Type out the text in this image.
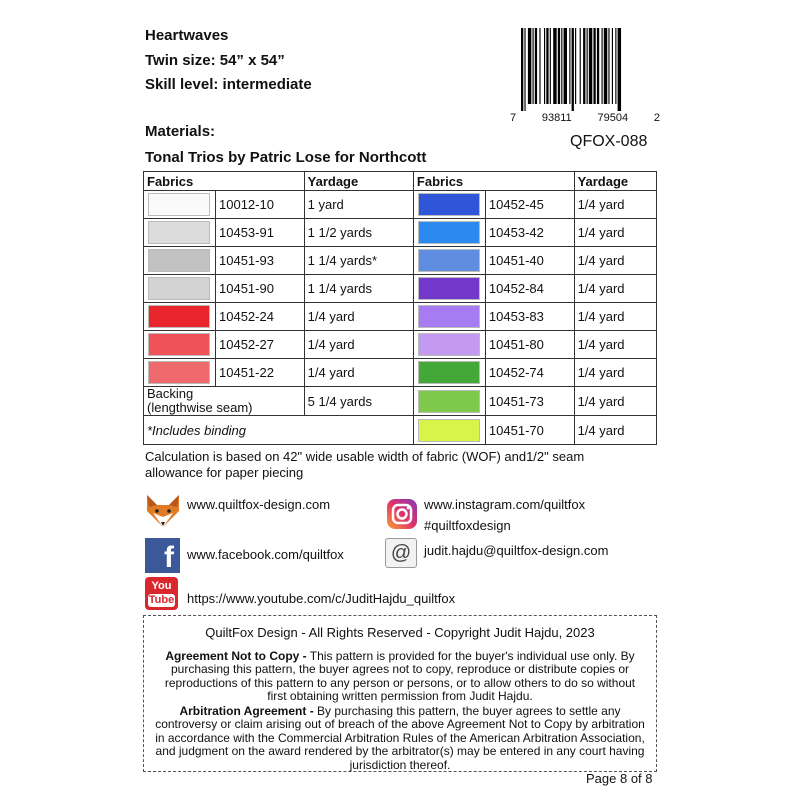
Heartwaves
Twin size: 54” x 54”
Skill level: intermediate
Materials:
Tonal Trios by Patric Lose for Northcott
7 93811 79504 2
QFOX-088
Fabrics		Yardage	Fabrics		Yardage

	10012-10	1 yard		10452-45	1/4 yard

	10453-91	1 1/2 yards		10453-42	1/4 yard

	10451-93	1 1/4 yards*		10451-40	1/4 yard

	10451-90	1 1/4 yards		10452-84	1/4 yard

	10452-24	1/4 yard		10453-83	1/4 yard

	10452-27	1/4 yard		10451-80	1/4 yard

	10451-22	1/4 yard		10452-74	1/4 yard

Backing
(lengthwise seam)		5 1/4 yards		10451-73	1/4 yard
*Includes binding				10451-70	1/4 yard
Calculation is based on 42" wide usable width of fabric (WOF) and1/2" seam allowance for paper piecing
www.quiltfox-design.com	www.instagram.com/quiltfox
#quiltfoxdesign
f	www.facebook.com/quiltfox @ judit.hajdu@quiltfox-design.com
You
Tube https://www.youtube.com/c/JuditHajdu_quiltfox
QuiltFox Design - All Rights Reserved - Copyright Judit Hajdu, 2023
Agreement Not to Copy - This pattern is provided for the buyer's individual use only. By purchasing this pattern, the buyer agrees not to copy, reproduce or distribute copies or reproductions of this pattern to any person or persons, or to allow others to do so without first obtaining written permission from Judit Hajdu.
Arbitration Agreement - By purchasing this pattern, the buyer agrees to settle any controversy or claim arising out of breach of the above Agreement Not to Copy by arbitration in accordance with the Commercial Arbitration Rules of the American Arbitration Association, and judgment on the award rendered by the arbitrator(s) may be entered in any court having jurisdiction thereof.
Page 8 of 8
